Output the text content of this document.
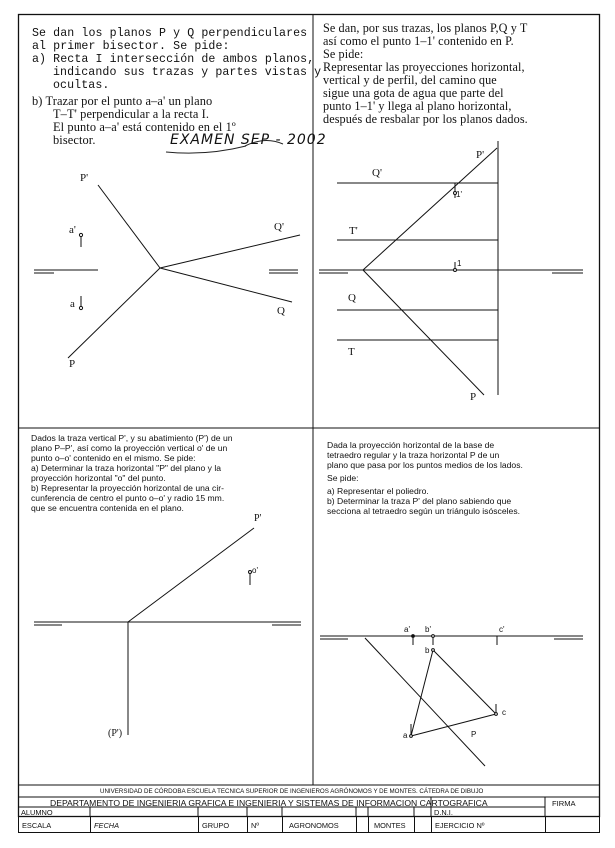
Se dan los planos P y Q perpendiculares
al primer bisector. Se pide:
a) Recta I intersección de ambos planos,
indicando sus trazas y partes vistas y
ocultas.
b) Trazar por el punto a–a' un plano
T–T' perpendicular a la recta I.
El punto a–a' está contenido en el 1º
bisector.	EXAMEN SEP - 2002
P'
Q'
a'
a
Q
P
Se dan, por sus trazas, los planos P,Q y T
así como el punto 1–1' contenido en P.
Se pide:
Representar las proyecciones horizontal,
vertical y de perfil, del camino que
sigue una gota de agua que parte del
punto 1–1' y llega al plano horizontal,
después de resbalar por los planos dados.
P'
Q'
1'
T'
1
Q
T
P
Dados la traza vertical P', y su abatimiento (P') de un
plano P–P', así como la proyección vertical o' de un
punto o–o' contenido en el mismo. Se pide:
a) Determinar la traza horizontal "P" del plano y la
proyección horizontal "o" del punto.
b) Representar la proyección horizontal de una cir-
cunferencia de centro el punto o–o' y radio 15 mm.
que se encuentra contenida en el plano.
P'
o'
(P')
Dada la proyección horizontal de la base de
tetraedro regular y la traza horizontal P de un
plano que pasa por los puntos medios de los lados.
Se pide:
a) Representar el poliedro.
b) Determinar la traza P' del plano sabiendo que
secciona al tetraedro según un triángulo isósceles.
a' b'	c'
b
c
a	P
UNIVERSIDAD DE CÓRDOBA ESCUELA TECNICA SUPERIOR DE INGENIEROS AGRÓNOMOS Y DE MONTES. CÁTEDRA DE DIBUJO
DEPARTAMENTO DE INGENIERIA GRAFICA E INGENIERIA Y SISTEMAS DE INFORMACION CARTOGRAFICA	FIRMA
ALUMNO	D.N.I.
ESCALA	FECHA	GRUPO	Nº	AGRONOMOS	MONTES	EJERCICIO Nº
